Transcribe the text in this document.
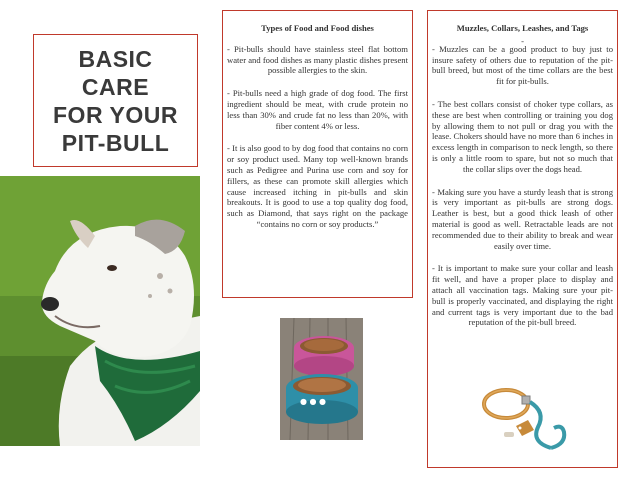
BASIC
CARE
FOR YOUR
PIT-BULL
Types of Food and Food dishes
- Pit-bulls should have stainless steel flat bottom water and food dishes as many plastic dishes present possible allergies to the skin.
- Pit-bulls need a high grade of dog food. The first ingredient should be meat, with crude protein no less than 30% and crude fat no less than 20%, with fiber content 4% or less.
- It is also good to by dog food that contains no corn or soy product used. Many top well-known brands such as Pedigree and Purina use corn and soy for fillers, as these can promote skill allergies which cause increased itching in pit-bulls and skin breakouts. It is good to use a top quality dog food, such as Diamond, that says right on the package “contains no corn or soy products.”
● ● ●
Muzzles, Collars, Leashes, and Tags
-
- Muzzles can be a good product to buy just to insure safety of others due to reputation of the pit-bull breed, but most of the time collars are the best fit for pit-bulls.
- The best collars consist of choker type collars, as these are best when controlling or training you dog by allowing them to not pull or drag you with the lease. Chokers should have no more than 6 inches in excess length in comparison to neck length, so there is only a little room to spare, but not so much that the collar slips over the dogs head.
- Making sure you have a sturdy leash that is strong is very important as pit-bulls are strong dogs. Leather is best, but a good thick leash of other material is good as well. Retractable leads are not recommended due to their ability to break and wear easily over time.
- It is important to make sure your collar and leash fit well, and have a proper place to display and attach all vaccination tags. Making sure your pit-bull is properly vaccinated, and displaying the right and current tags is very important due to the bad reputation of the pit-bull breed.
